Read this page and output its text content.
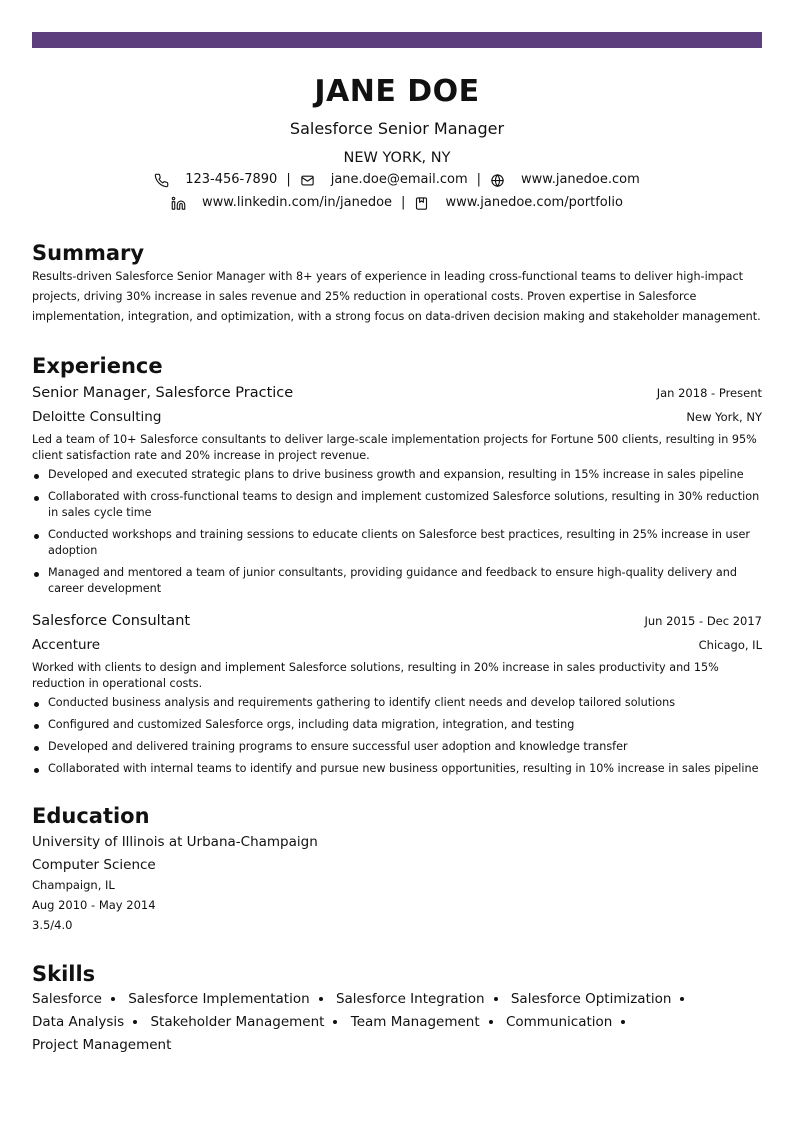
JANE DOE
Salesforce Senior Manager
NEW YORK, NY
123-456-7890 |	jane.doe@email.com |	www.janedoe.com
www.linkedin.com/in/janedoe |	www.janedoe.com/portfolio
Summary
Results-driven Salesforce Senior Manager with 8+ years of experience in leading cross-functional teams to deliver high-impact projects, driving 30% increase in sales revenue and 25% reduction in operational costs. Proven expertise in Salesforce implementation, integration, and optimization, with a strong focus on data-driven decision making and stakeholder management.
Experience
Senior Manager, Salesforce Practice	Jan 2018 - Present
Deloitte Consulting	New York, NY
Led a team of 10+ Salesforce consultants to deliver large-scale implementation projects for Fortune 500 clients, resulting in 95% client satisfaction rate and 20% increase in project revenue.
Developed and executed strategic plans to drive business growth and expansion, resulting in 15% increase in sales pipeline
Collaborated with cross-functional teams to design and implement customized Salesforce solutions, resulting in 30% reduction in sales cycle time
Conducted workshops and training sessions to educate clients on Salesforce best practices, resulting in 25% increase in user adoption
Managed and mentored a team of junior consultants, providing guidance and feedback to ensure high-quality delivery and career development
Salesforce Consultant	Jun 2015 - Dec 2017
Accenture	Chicago, IL
Worked with clients to design and implement Salesforce solutions, resulting in 20% increase in sales productivity and 15% reduction in operational costs.
Conducted business analysis and requirements gathering to identify client needs and develop tailored solutions
Configured and customized Salesforce orgs, including data migration, integration, and testing
Developed and delivered training programs to ensure successful user adoption and knowledge transfer
Collaborated with internal teams to identify and pursue new business opportunities, resulting in 10% increase in sales pipeline
Education
University of Illinois at Urbana-Champaign
Computer Science
Champaign, IL
Aug 2010 - May 2014
3.5/4.0
Skills
Salesforce Salesforce Implementation Salesforce Integration Salesforce Optimization Data Analysis Stakeholder Management Team Management Communication Project Management
